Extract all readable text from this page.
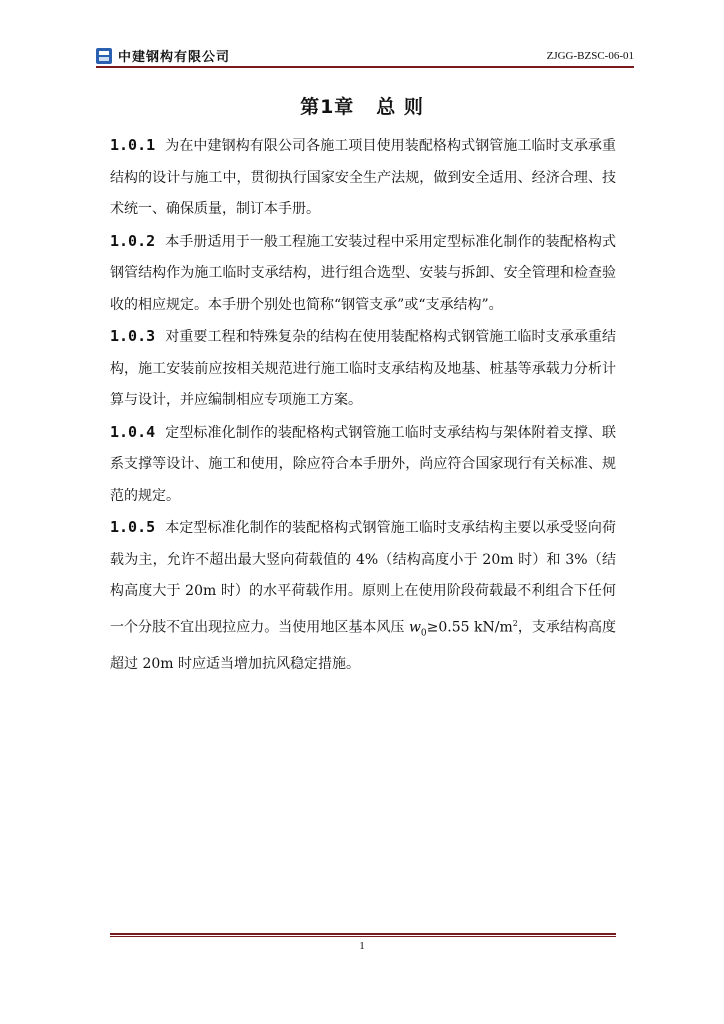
中建钢构有限公司	ZJGG-BZSC-06-01
第1章 总 则

1.0.1 为在中建钢构有限公司各施工项目使用装配格构式钢管施工临时支承承重结构的设计与施工中，贯彻执行国家安全生产法规，做到安全适用、经济合理、技术统一、确保质量，制订本手册。

1.0.2 本手册适用于一般工程施工安装过程中采用定型标准化制作的装配格构式钢管结构作为施工临时支承结构，进行组合选型、安装与拆卸、安全管理和检查验收的相应规定。本手册个别处也简称“钢管支承”或“支承结构”。

1.0.3 对重要工程和特殊复杂的结构在使用装配格构式钢管施工临时支承承重结构，施工安装前应按相关规范进行施工临时支承结构及地基、桩基等承载力分析计算与设计，并应编制相应专项施工方案。

1.0.4 定型标准化制作的装配格构式钢管施工临时支承结构与架体附着支撑、联系支撑等设计、施工和使用，除应符合本手册外，尚应符合国家现行有关标准、规范的规定。

1.0.5 本定型标准化制作的装配格构式钢管施工临时支承结构主要以承受竖向荷载为主，允许不超出最大竖向荷载值的 4%（结构高度小于 20m 时）和 3%（结构高度大于 20m 时）的水平荷载作用。原则上在使用阶段荷载最不利组合下任何一个分肢不宜出现拉应力。当使用地区基本风压 $w_0\ge 0.55$ $kN/m^2$，支承结构高度超过 20m 时应适当增加抗风稳定措施。

1
